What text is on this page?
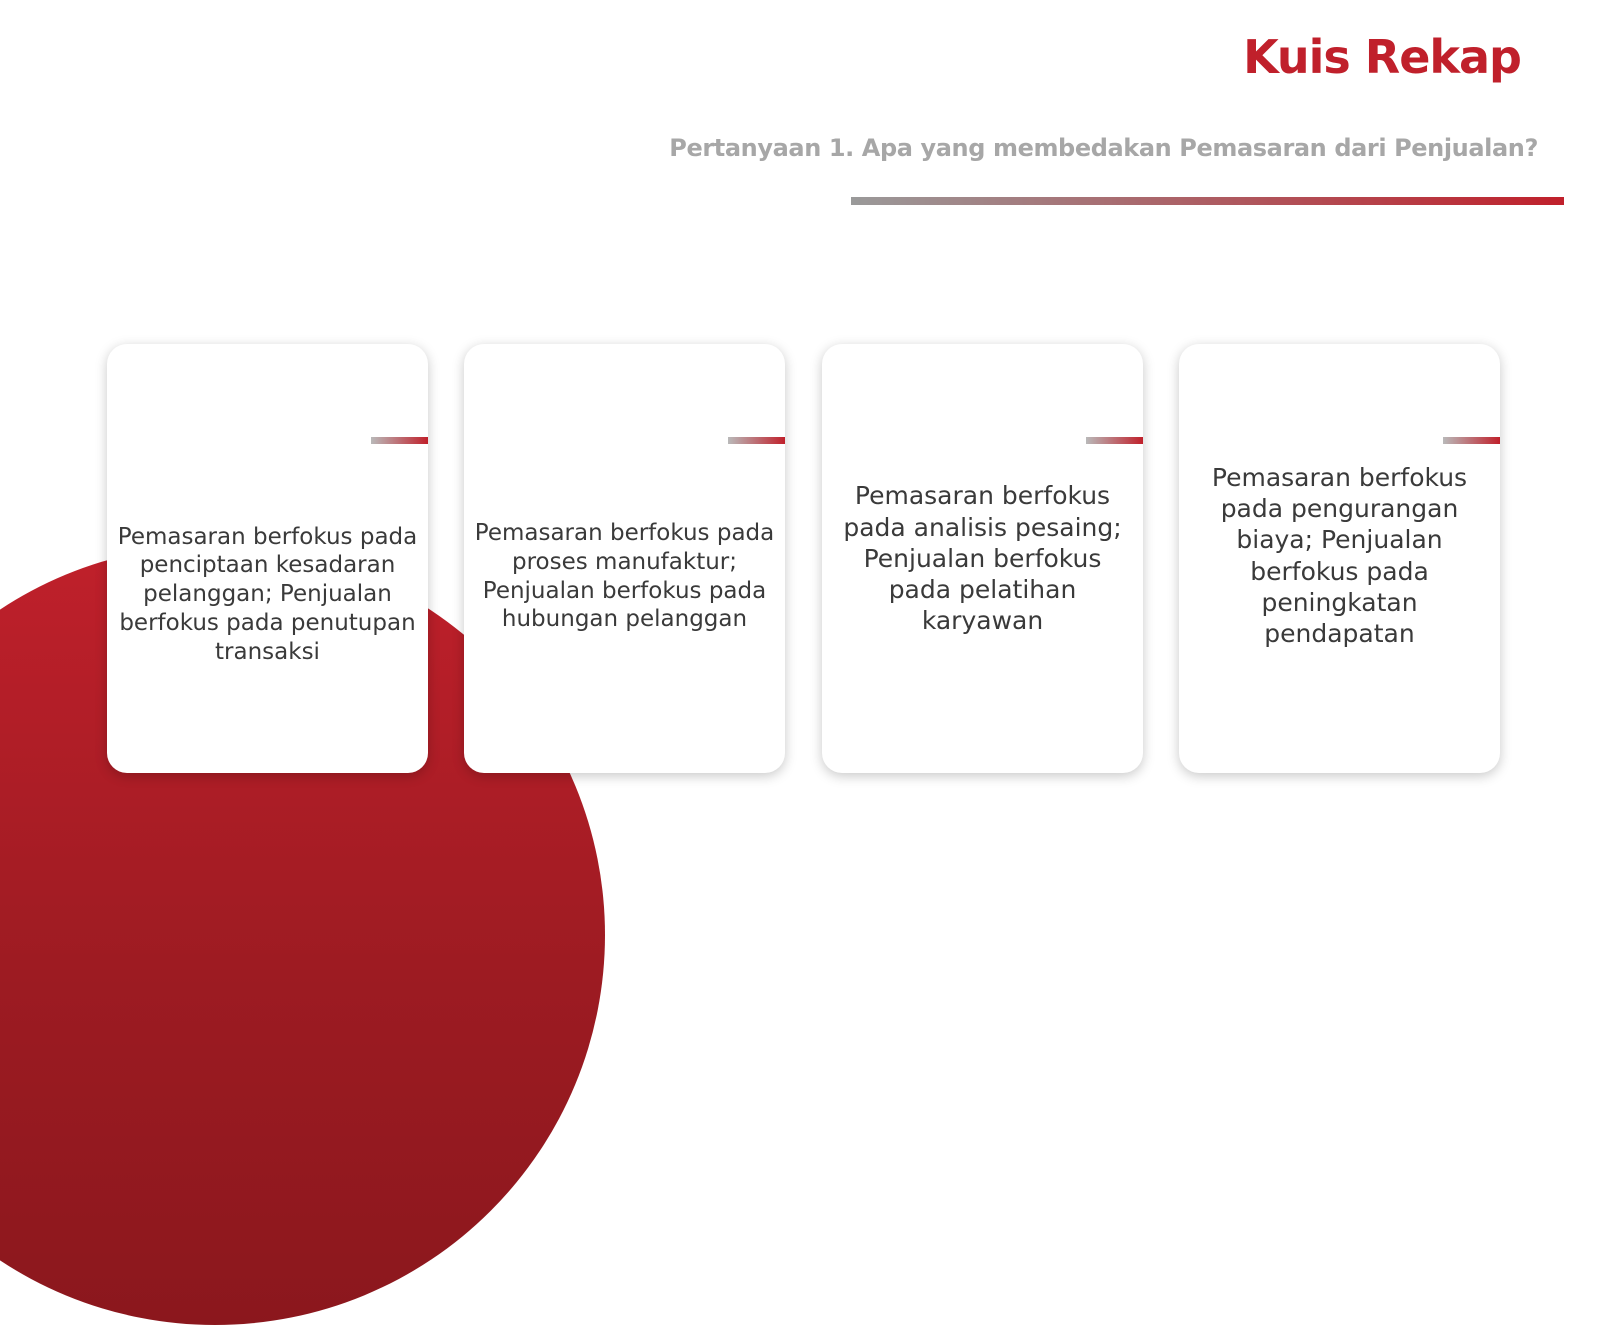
Kuis Rekap
Pertanyaan 1. Apa yang membedakan Pemasaran dari Penjualan?

Pemasaran berfokus pada penciptaan kesadaran pelanggan; Penjualan berfokus pada penutupan transaksi

Pemasaran berfokus pada proses manufaktur; Penjualan berfokus pada hubungan pelanggan

Pemasaran berfokus pada analisis pesaing; Penjualan berfokus pada pelatihan karyawan

Pemasaran berfokus pada pengurangan biaya; Penjualan berfokus pada peningkatan pendapatan
